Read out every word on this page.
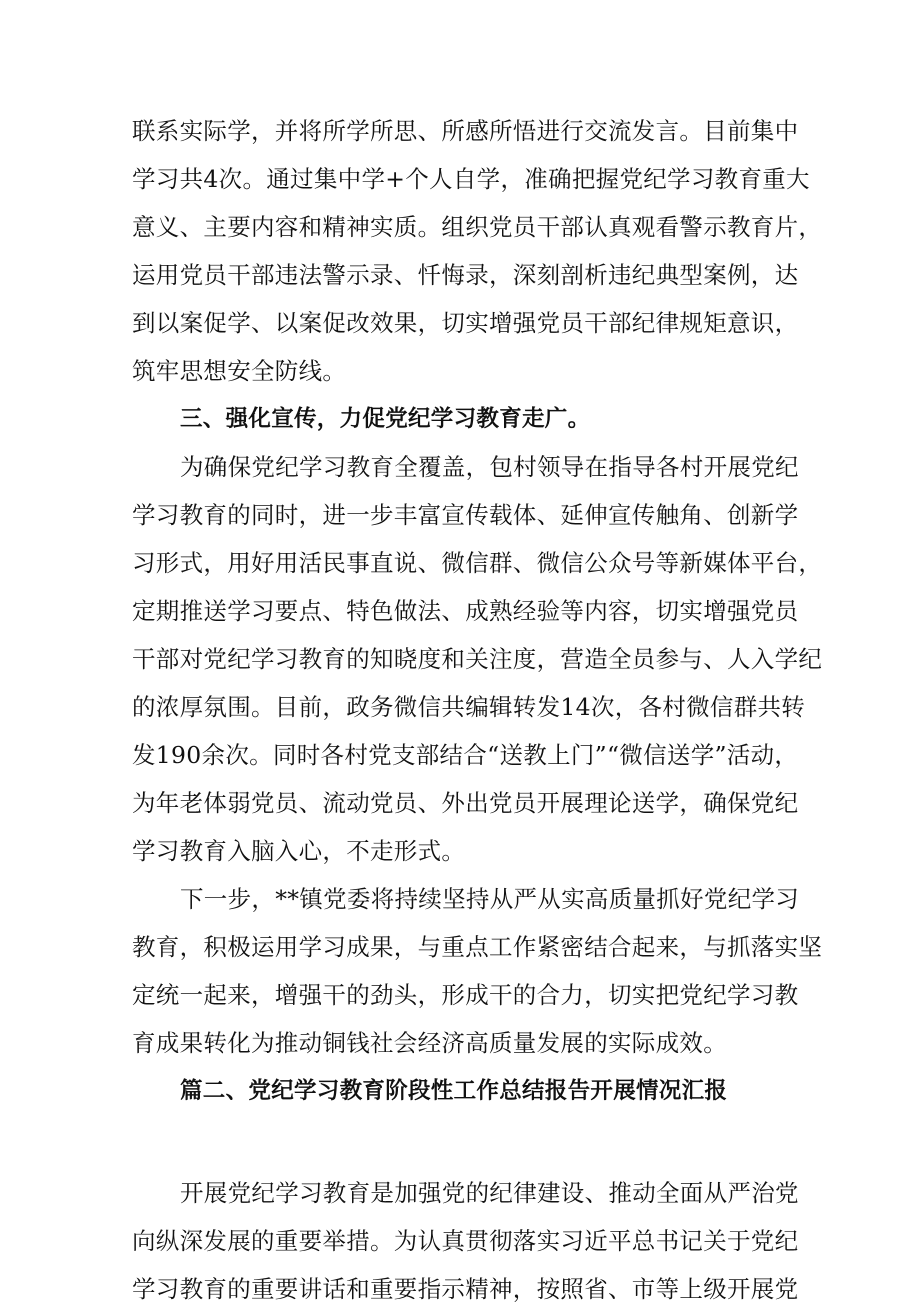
联系实际学，并将所学所思、所感所悟进行交流发言。目前集中
学习共4次。通过集中学+个人自学，准确把握党纪学习教育重大
意义、主要内容和精神实质。组织党员干部认真观看警示教育片，
运用党员干部违法警示录、忏悔录，深刻剖析违纪典型案例，达
到以案促学、以案促改效果，切实增强党员干部纪律规矩意识，
筑牢思想安全防线。
三、强化宣传，力促党纪学习教育走广。
为确保党纪学习教育全覆盖，包村领导在指导各村开展党纪
学习教育的同时，进一步丰富宣传载体、延伸宣传触角、创新学
习形式，用好用活民事直说、微信群、微信公众号等新媒体平台，
定期推送学习要点、特色做法、成熟经验等内容，切实增强党员
干部对党纪学习教育的知晓度和关注度，营造全员参与、人入学纪
的浓厚氛围。目前，政务微信共编辑转发14次，各村微信群共转
发190余次。同时各村党支部结合“送教上门”“微信送学”活动，
为年老体弱党员、流动党员、外出党员开展理论送学，确保党纪
学习教育入脑入心，不走形式。
下一步，**镇党委将持续坚持从严从实高质量抓好党纪学习
教育，积极运用学习成果，与重点工作紧密结合起来，与抓落实坚
定统一起来，增强干的劲头，形成干的合力，切实把党纪学习教
育成果转化为推动铜钱社会经济高质量发展的实际成效。
篇二、党纪学习教育阶段性工作总结报告开展情况汇报
开展党纪学习教育是加强党的纪律建设、推动全面从严治党
向纵深发展的重要举措。为认真贯彻落实习近平总书记关于党纪
学习教育的重要讲话和重要指示精神，按照省、市等上级开展党
